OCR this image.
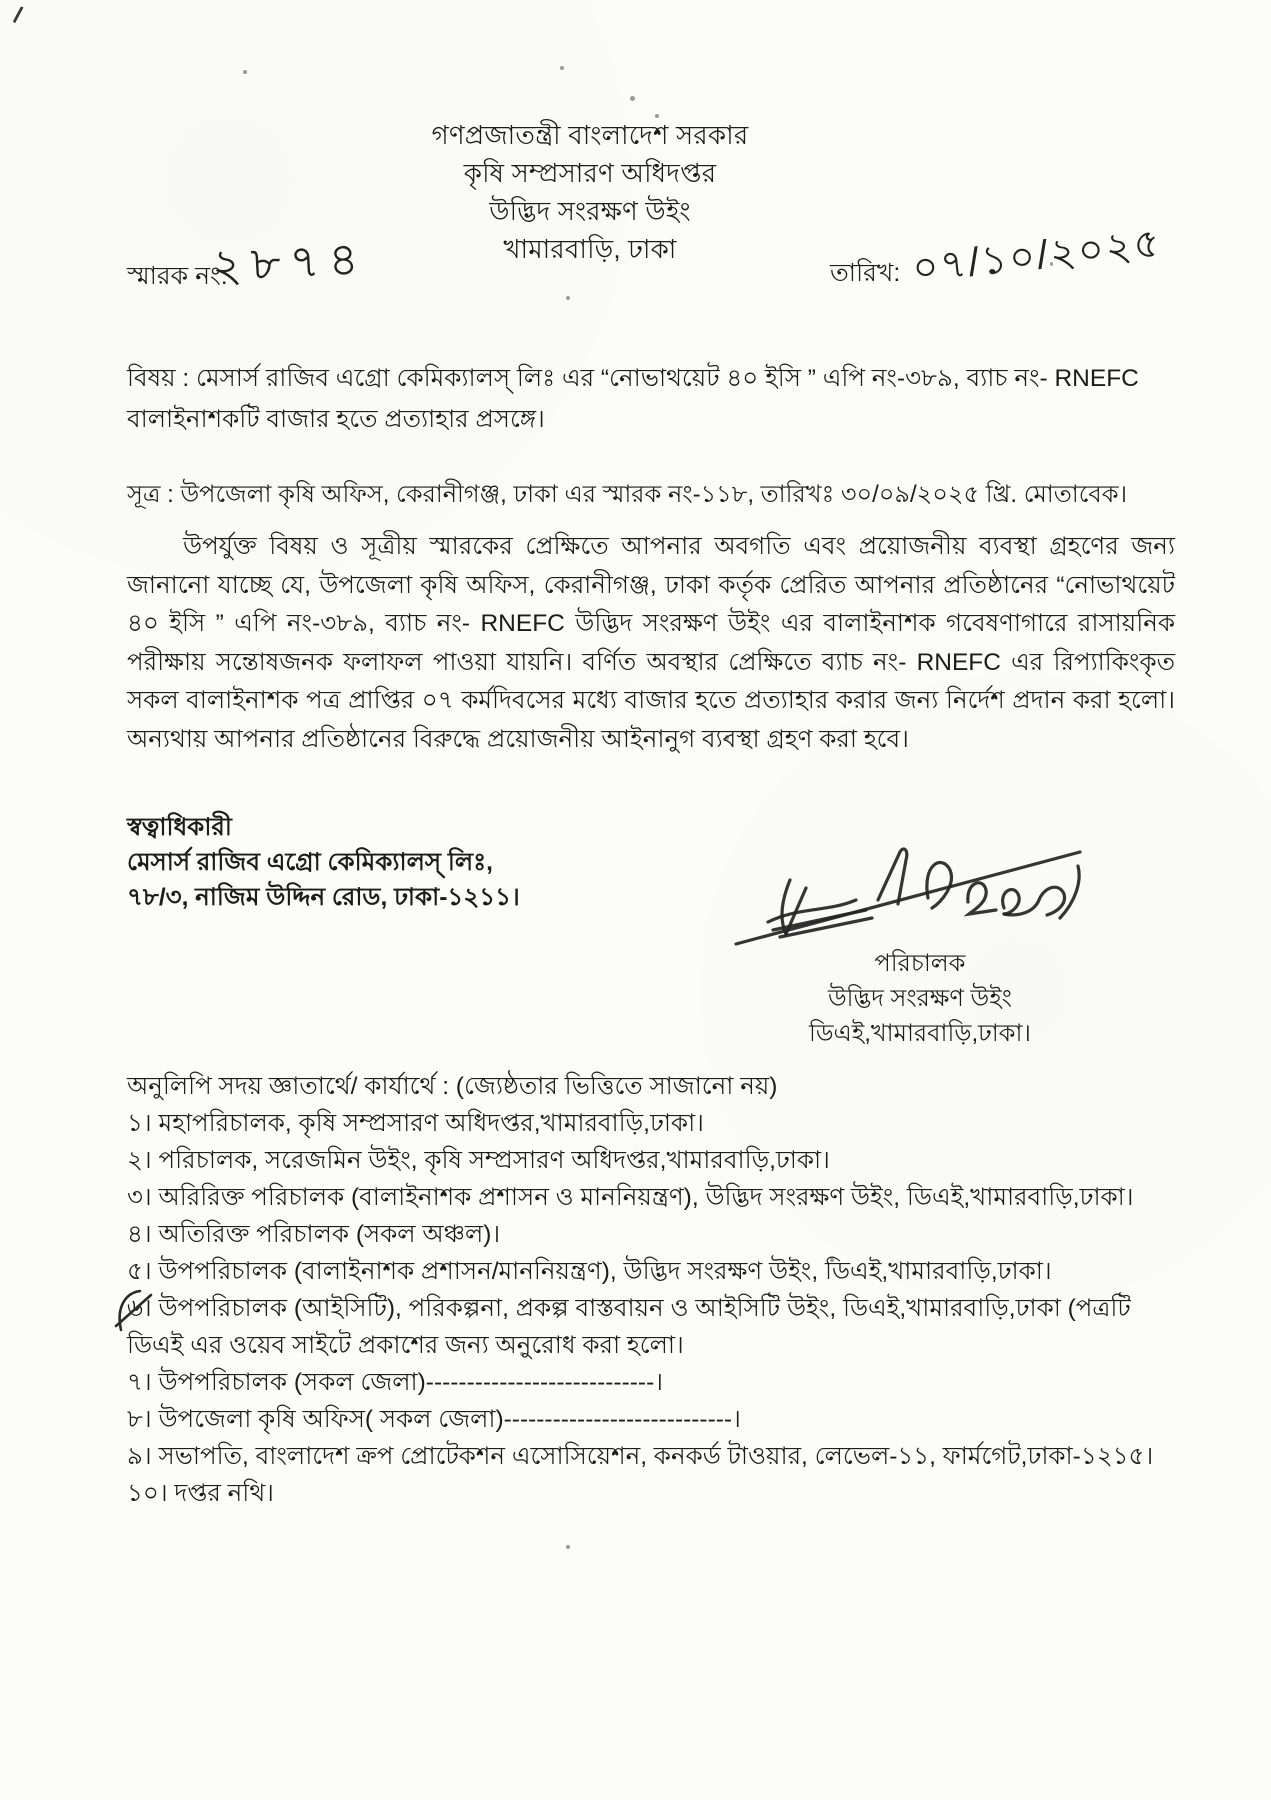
গণপ্রজাতন্ত্রী বাংলাদেশ সরকার
কৃষি সম্প্রসারণ অধিদপ্তর
উদ্ভিদ সংরক্ষণ উইং
খামারবাড়ি, ঢাকা
স্মারক নং:
২৮৭৪	তারিখ: ০৭/১০/২০২৫
বিষয় : মেসার্স রাজিব এগ্রো কেমিক্যালস্ লিঃ এর “নোভাথয়েট ৪০ ইসি ” এপি নং-৩৮৯, ব্যাচ নং- RNEFC
বালাইনাশকটি বাজার হতে প্রত্যাহার প্রসঙ্গে।
সূত্র : উপজেলা কৃষি অফিস, কেরানীগঞ্জ, ঢাকা এর স্মারক নং-১১৮, তারিখঃ ৩০/০৯/২০২৫ খ্রি. মোতাবেক।
উপর্যুক্ত বিষয় ও সূত্রীয় স্মারকের প্রেক্ষিতে আপনার অবগতি এবং প্রয়োজনীয় ব্যবস্থা গ্রহণের জন্য জানানো যাচ্ছে যে, উপজেলা কৃষি অফিস, কেরানীগঞ্জ, ঢাকা কর্তৃক প্রেরিত আপনার প্রতিষ্ঠানের “নোভাথয়েট ৪০ ইসি ” এপি নং-৩৮৯, ব্যাচ নং- RNEFC উদ্ভিদ সংরক্ষণ উইং এর বালাইনাশক গবেষণাগারে রাসায়নিক পরীক্ষায় সন্তোষজনক ফলাফল পাওয়া যায়নি। বর্ণিত অবস্থার প্রেক্ষিতে ব্যাচ নং- RNEFC এর রিপ্যাকিংকৃত সকল বালাইনাশক পত্র প্রাপ্তির ০৭ কর্মদিবসের মধ্যে বাজার হতে প্রত্যাহার করার জন্য নির্দেশ প্রদান করা হলো। অন্যথায় আপনার প্রতিষ্ঠানের বিরুদ্ধে প্রয়োজনীয় আইনানুগ ব্যবস্থা গ্রহণ করা হবে।
স্বত্বাধিকারী
মেসার্স রাজিব এগ্রো কেমিক্যালস্ লিঃ,
৭৮/৩, নাজিম উদ্দিন রোড, ঢাকা-১২১১।
পরিচালক
উদ্ভিদ সংরক্ষণ উইং
ডিএই,খামারবাড়ি,ঢাকা।
অনুলিপি সদয় জ্ঞাতার্থে/ কার্যার্থে : (জ্যেষ্ঠতার ভিত্তিতে সাজানো নয়)
১। মহাপরিচালক, কৃষি সম্প্রসারণ অধিদপ্তর,খামারবাড়ি,ঢাকা।
২। পরিচালক, সরেজমিন উইং, কৃষি সম্প্রসারণ অধিদপ্তর,খামারবাড়ি,ঢাকা।
৩। অরিরিক্ত পরিচালক (বালাইনাশক প্রশাসন ও মাননিয়ন্ত্রণ), উদ্ভিদ সংরক্ষণ উইং, ডিএই,খামারবাড়ি,ঢাকা।
৪। অতিরিক্ত পরিচালক (সকল অঞ্চল)।
৫। উপপরিচালক (বালাইনাশক প্রশাসন/মাননিয়ন্ত্রণ), উদ্ভিদ সংরক্ষণ উইং, ডিএই,খামারবাড়ি,ঢাকা।
৬। উপপরিচালক (আইসিটি), পরিকল্পনা, প্রকল্প বাস্তবায়ন ও আইসিটি উইং, ডিএই,খামারবাড়ি,ঢাকা (পত্রটি ডিএই এর ওয়েব সাইটে প্রকাশের জন্য অনুরোধ করা হলো।
৭। উপপরিচালক (সকল জেলা)----------------------------।
৮। উপজেলা কৃষি অফিস( সকল জেলা)----------------------------।
৯। সভাপতি, বাংলাদেশ ক্রপ প্রোটেকশন এসোসিয়েশন, কনকর্ড টাওয়ার, লেভেল-১১, ফার্মগেট,ঢাকা-১২১৫।
১০। দপ্তর নথি।
